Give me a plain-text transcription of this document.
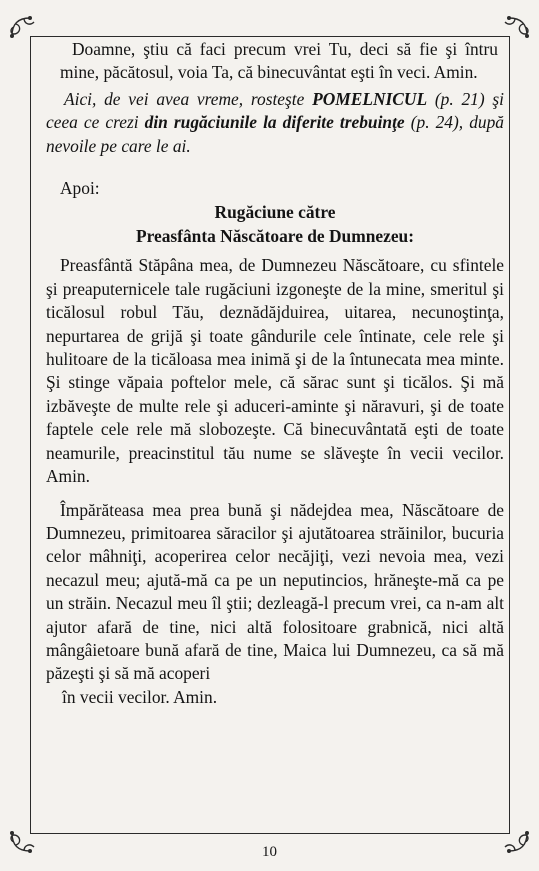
Doamne, ştiu că faci precum vrei Tu, deci să fie şi întru mine, păcătosul, voia Ta, că binecuvântat eşti în veci. Amin.

Aici, de vei avea vreme, rosteşte POMELNICUL (p. 21) şi ceea ce crezi din rugăciunile la diferite trebuinţe (p. 24), după nevoile pe care le ai.

Apoi:

Rugăciune către

Preasfânta Născătoare de Dumnezeu:

Preasfântă Stăpâna mea, de Dumnezeu Născătoare, cu sfintele şi preaputernicele tale rugăciuni izgoneşte de la mine, smeritul şi ticălosul robul Tău, deznădăjduirea, uitarea, necunoştinţa, nepurtarea de grijă şi toate gândurile cele întinate, cele rele şi hulitoare de la ticăloasa mea inimă şi de la întunecata mea minte. Şi stinge văpaia poftelor mele, că sărac sunt şi ticălos. Şi mă izbăveşte de multe rele şi aduceri-aminte şi năravuri, şi de toate faptele cele rele mă slobozeşte. Că binecuvântată eşti de toate neamurile, preacinstitul tău nume se slăveşte în vecii vecilor. Amin.

Împărăteasa mea prea bună şi nădejdea mea, Născătoare de Dumnezeu, primitoarea săracilor şi ajutătoarea străinilor, bucuria celor mâhniţi, acoperirea celor necăjiţi, vezi nevoia mea, vezi necazul meu; ajută-mă ca pe un neputincios, hrăneşte-mă ca pe un străin. Necazul meu îl ştii; dezleagă-l precum vrei, ca n-am alt ajutor afară de tine, nici altă folositoare grabnică, nici altă mângâietoare bună afară de tine, Maica lui Dumnezeu, ca să mă păzeşti şi să mă acoperi

în vecii vecilor. Amin.

10
